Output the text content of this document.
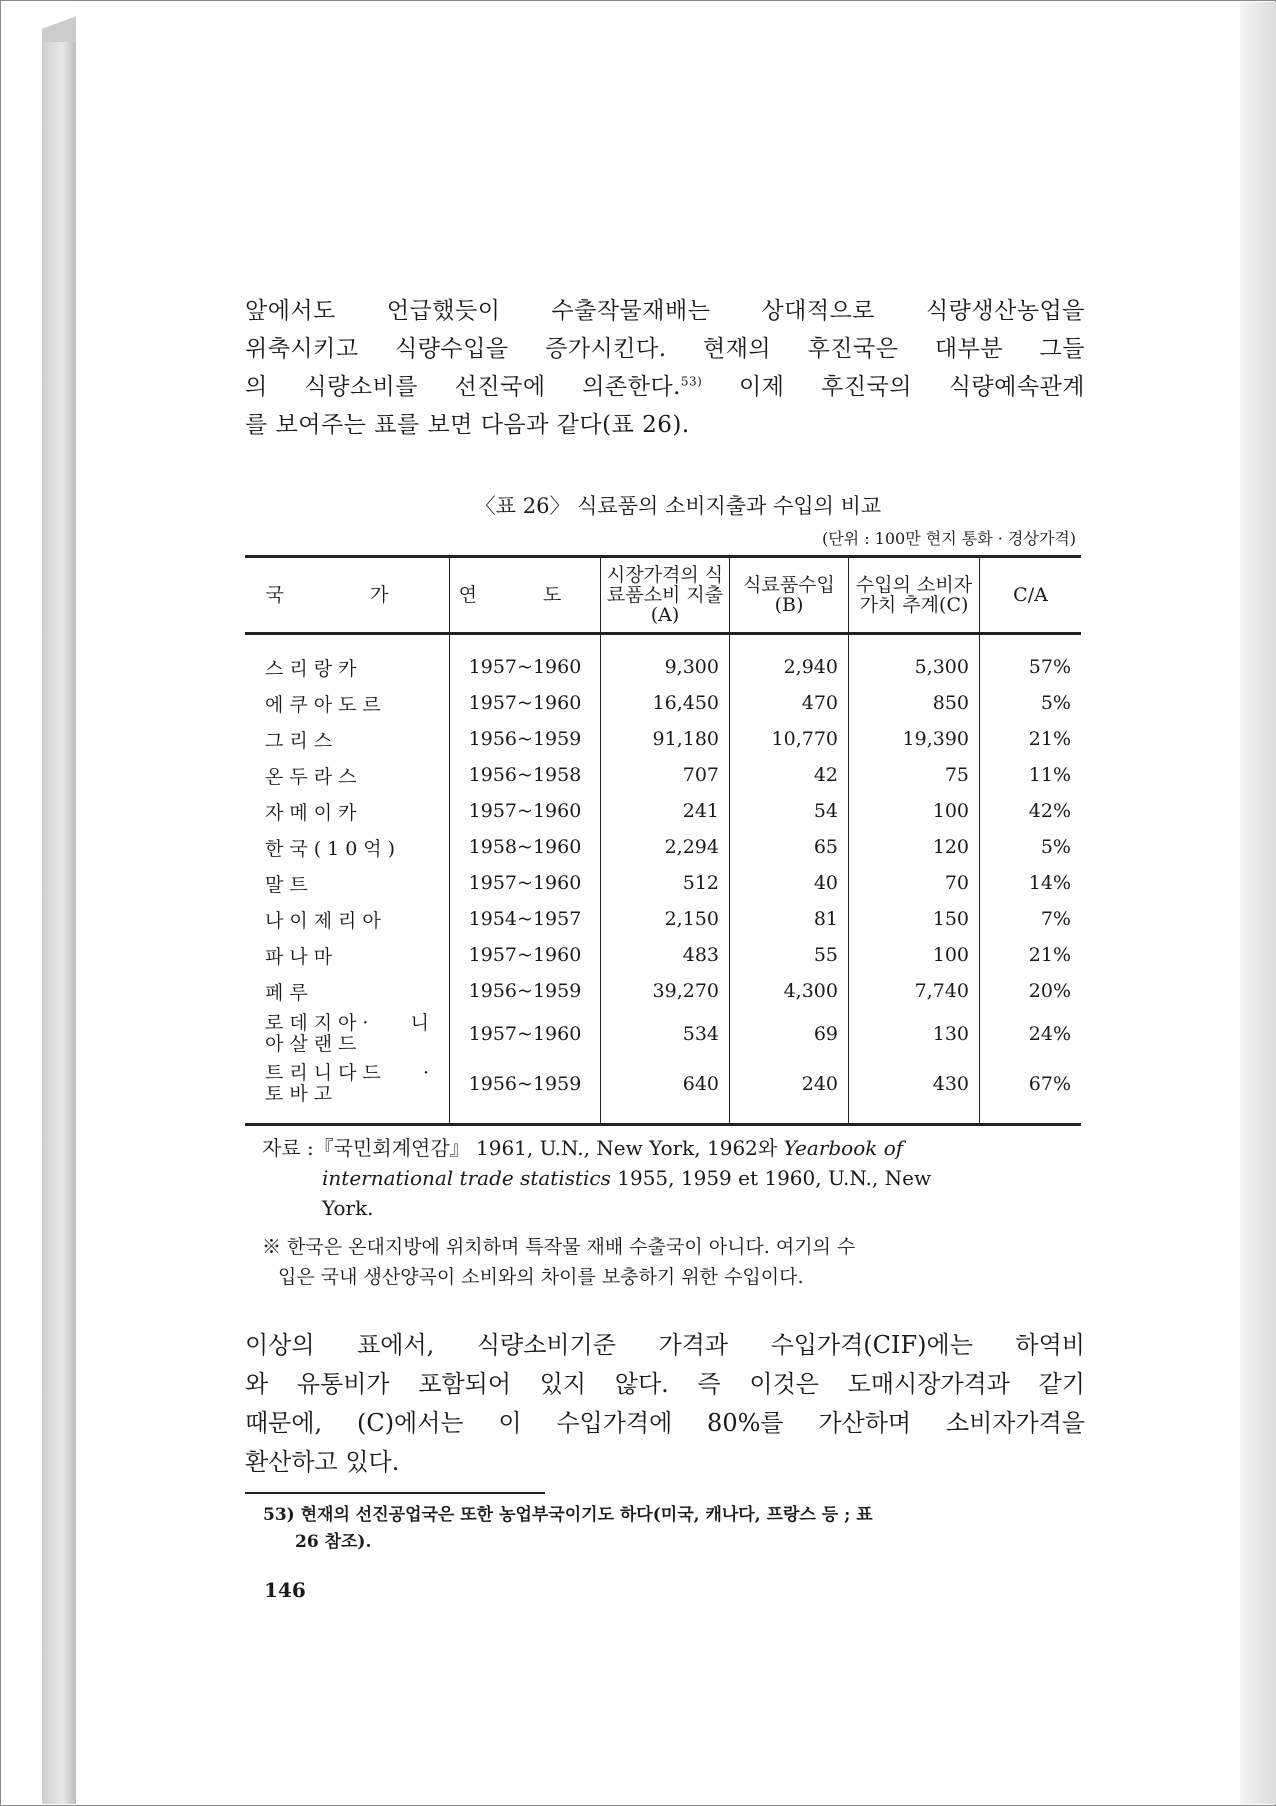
앞에서도 언급했듯이 수출작물재배는 상대적으로 식량생산농업을
위축시키고 식량수입을 증가시킨다. 현재의 후진국은 대부분 그들
의 식량소비를 선진국에 의존한다.$^{53)}$ 이제 후진국의 식량예속관계
를 보여주는 표를 보면 다음과 같다(표 26).
〈표 26〉 식료품의 소비지출과 수입의 비교
(단위 : 100만 현지 통화 · 경상가격)
국 가	연 도	시장가격의 식료품소비 지출(A)	식료품수입 (B)	수입의 소비자가치 추계(C)	C/A
스리랑카	1957~1960	9,300	2,940	5,300	57%
에쿠아도르	1957~1960	16,450	470	850	5%
그리스	1956~1959	91,180	10,770	19,390	21%
온두라스	1956~1958	707	42	75	11%
자메이카	1957~1960	241	54	100	42%
한국(10억)	1958~1960	2,294	65	120	5%
말트	1957~1960	512	40	70	14%
나이제리아	1954~1957	2,150	81	150	7%
파나마	1957~1960	483	55	100	21%
페루	1956~1959	39,270	4,300	7,740	20%
로데지아· 니아살랜드	1957~1960	534	69	130	24%
트리니다드 ·토바고	1956~1959	640	240	430	67%
자료 :『국민회계연감』 1961, U.N., New York, 1962와 Yearbook of
international trade statistics 1955, 1959 et 1960, U.N., New
York.
※ 한국은 온대지방에 위치하며 특작물 재배 수출국이 아니다. 여기의 수
입은 국내 생산양곡이 소비와의 차이를 보충하기 위한 수입이다.
이상의 표에서, 식량소비기준 가격과 수입가격(CIF)에는 하역비
와 유통비가 포함되어 있지 않다. 즉 이것은 도매시장가격과 같기
때문에, (C)에서는 이 수입가격에 80%를 가산하며 소비자가격을
환산하고 있다.
53) 현재의 선진공업국은 또한 농업부국이기도 하다(미국, 캐나다, 프랑스 등 ; 표
26 참조).
146
